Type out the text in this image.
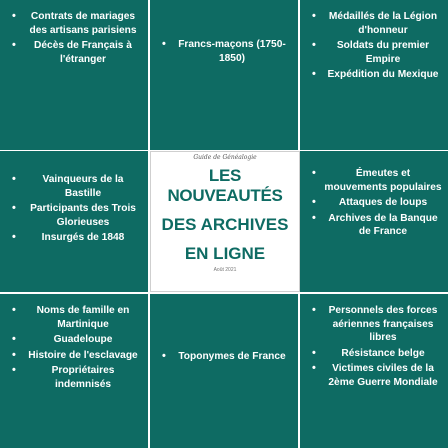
• Contrats de mariages des artisans parisiens
• Décès de Français à l'étranger
• Francs-maçons (1750-1850)
• Médaillés de la Légion d'honneur
• Soldats du premier Empire
• Expédition du Mexique
• Vainqueurs de la Bastille
• Participants des Trois Glorieuses
• Insurgés de 1848
Guide de Généalogie
LES NOUVEAUTÉS
DES ARCHIVES
EN LIGNE
Août 2021
• Émeutes et mouvements populaires
• Attaques de loups
• Archives de la Banque de France
• Noms de famille en Martinique
• Guadeloupe
• Histoire de l'esclavage
• Propriétaires indemnisés
• Toponymes de France
• Personnels des forces aériennes françaises libres
• Résistance belge
• Victimes civiles de la 2ème Guerre Mondiale
